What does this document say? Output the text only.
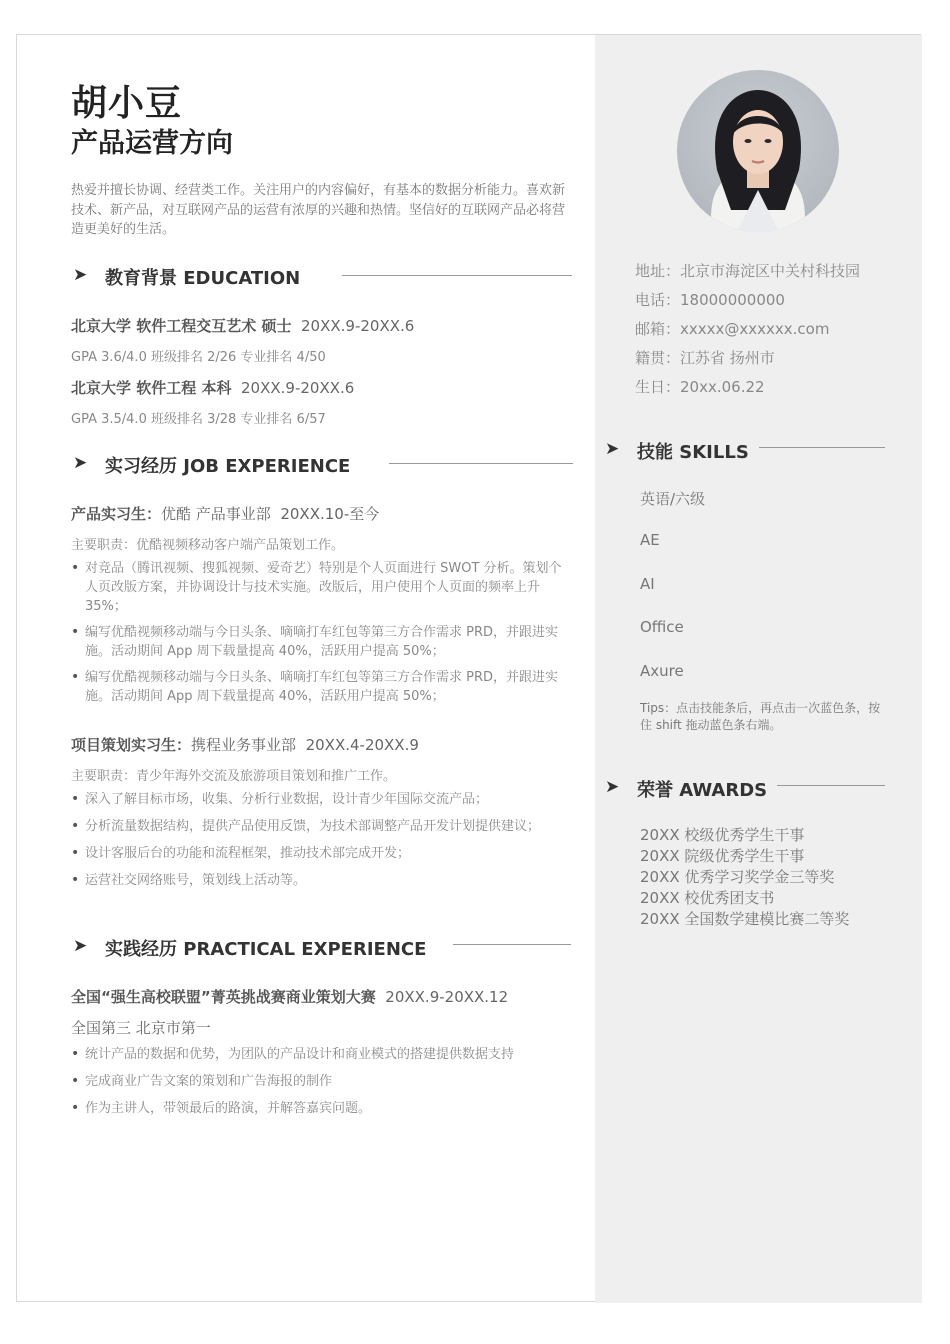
胡小豆
产品运营方向
热爱并擅长协调、经营类工作。关注用户的内容偏好，有基本的数据分析能力。喜欢新技术、新产品，对互联网产品的运营有浓厚的兴趣和热情。坚信好的互联网产品必将营造更美好的生活。
➤ 教育背景 EDUCATION
北京大学 软件工程交互艺术 硕士 20XX.9-20XX.6
GPA 3.6/4.0 班级排名 2/26 专业排名 4/50
北京大学 软件工程 本科 20XX.9-20XX.6
GPA 3.5/4.0 班级排名 3/28 专业排名 6/57
➤ 实习经历 JOB EXPERIENCE
产品实习生：优酷 产品事业部 20XX.10-至今
主要职责：优酷视频移动客户端产品策划工作。
• 对竞品（腾讯视频、搜狐视频、爱奇艺）特别是个人页面进行 SWOT 分析。策划个人页改版方案，并协调设计与技术实施。改版后，用户使用个人页面的频率上升 35%；
• 编写优酷视频移动端与今日头条、嘀嘀打车红包等第三方合作需求 PRD，并跟进实施。活动期间 App 周下载量提高 40%，活跃用户提高 50%；
• 编写优酷视频移动端与今日头条、嘀嘀打车红包等第三方合作需求 PRD，并跟进实施。活动期间 App 周下载量提高 40%，活跃用户提高 50%；
项目策划实习生：携程业务事业部 20XX.4-20XX.9
主要职责：青少年海外交流及旅游项目策划和推广工作。
• 深入了解目标市场，收集、分析行业数据，设计青少年国际交流产品；
• 分析流量数据结构，提供产品使用反馈，为技术部调整产品开发计划提供建议；
• 设计客服后台的功能和流程框架，推动技术部完成开发；
• 运营社交网络账号，策划线上活动等。
➤ 实践经历 PRACTICAL EXPERIENCE
全国“强生高校联盟”菁英挑战赛商业策划大赛 20XX.9-20XX.12
全国第三 北京市第一
• 统计产品的数据和优势，为团队的产品设计和商业模式的搭建提供数据支持
• 完成商业广告文案的策划和广告海报的制作
• 作为主讲人，带领最后的路演，并解答嘉宾问题。
地址：北京市海淀区中关村科技园
电话：18000000000
邮箱：xxxxx@xxxxxx.com
籍贯：江苏省 扬州市
生日：20xx.06.22
➤ 技能 SKILLS
英语/六级
AE
AI
Office
Axure
Tips：点击技能条后，再点击一次蓝色条，按住 shift 拖动蓝色条右端。
➤ 荣誉 AWARDS
20XX 校级优秀学生干事
20XX 院级优秀学生干事
20XX 优秀学习奖学金三等奖
20XX 校优秀团支书
20XX 全国数学建模比赛二等奖
